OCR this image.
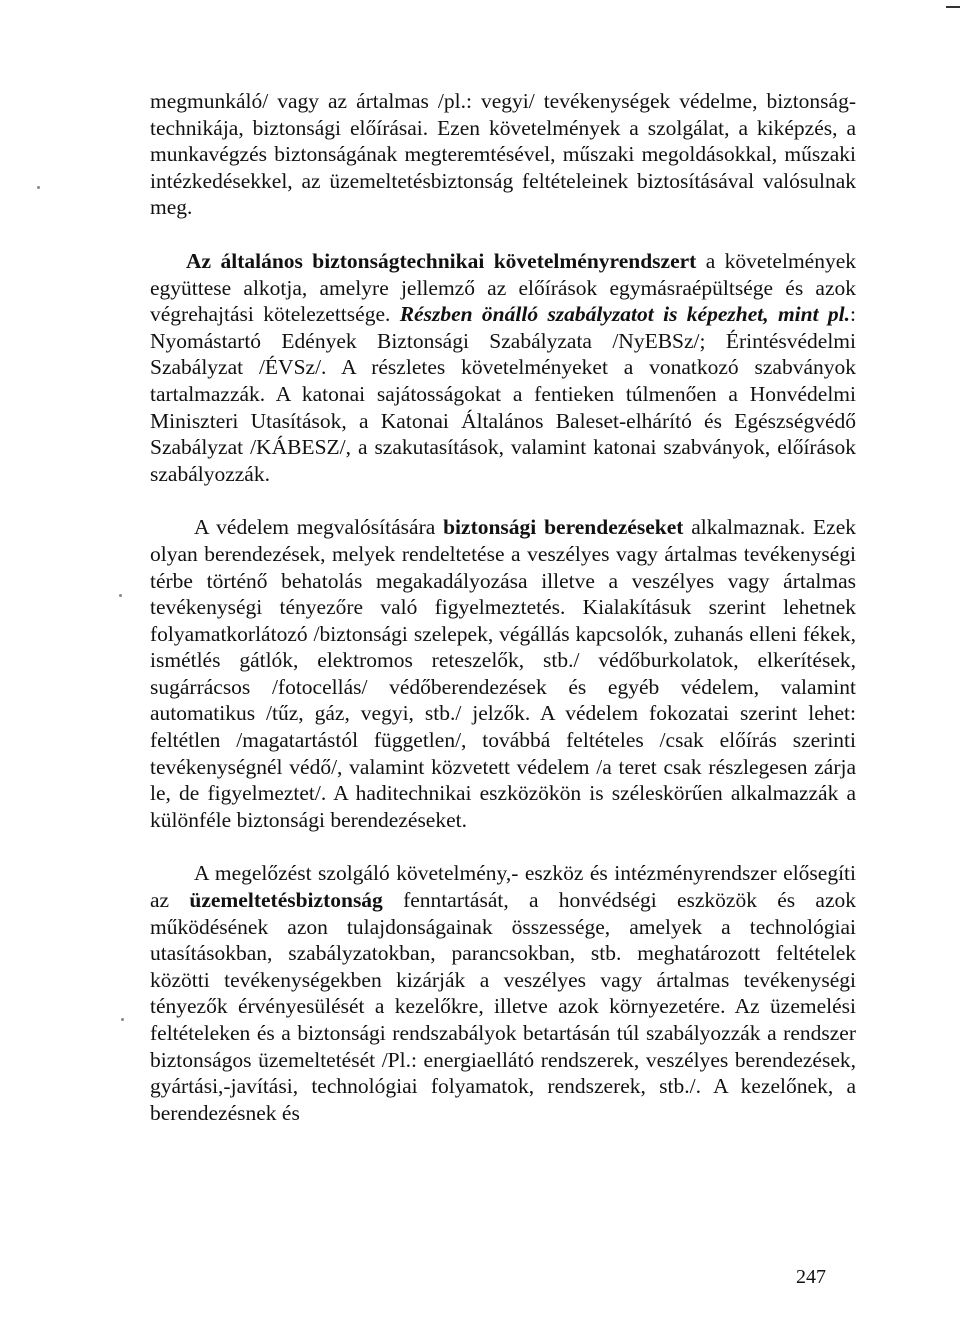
megmunkáló/ vagy az ártalmas /pl.: vegyi/ tevékenységek védelme, biztonság- technikája, biztonsági előírásai. Ezen követelmények a szolgálat, a kiképzés, a munkavégzés biztonságának megteremtésével, műszaki megoldásokkal, műszaki intézkedésekkel, az üzemeltetésbiztonság feltételeinek biztosításával valósulnak meg.

Az általános biztonságtechnikai követelményrendszert a követelmények együttese alkotja, amelyre jellemző az előírások egymásraépültsége és azok végrehajtási kötelezettsége. Részben önálló szabályzatot is képezhet, mint pl.: Nyomástartó Edények Biztonsági Szabályzata /NyEBSz/; Érintésvédelmi Szabályzat /ÉVSz/. A részletes követelményeket a vonatkozó szabványok tartalmazzák. A katonai sajátosságokat a fentieken túlmenően a Honvédelmi Miniszteri Utasítások, a Katonai Általános Baleset-elhárító és Egészségvédő Szabályzat /KÁBESZ/, a szakutasítások, valamint katonai szabványok, előírások szabályozzák.

A védelem megvalósítására biztonsági berendezéseket alkalmaznak. Ezek olyan berendezések, melyek rendeltetése a veszélyes vagy ártalmas tevékenységi térbe történő behatolás megakadályozása illetve a veszélyes vagy ártalmas tevékenységi tényezőre való figyelmeztetés. Kialakításuk szerint lehetnek folyamatkorlátozó /biztonsági szelepek, végállás kapcsolók, zuhanás elleni fékek, ismétlés gátlók, elektromos reteszelők, stb./ védőburkolatok, elkerítések, sugárrácsos /fotocellás/ védőberendezések és egyéb védelem, valamint automatikus /tűz, gáz, vegyi, stb./ jelzők. A védelem fokozatai szerint lehet: feltétlen /magatartástól független/, továbbá feltételes /csak előírás szerinti tevékenységnél védő/, valamint közvetett védelem /a teret csak részlegesen zárja le, de figyelmeztet/. A haditechnikai eszközökön is széleskörűen alkalmazzák a különféle biztonsági berendezéseket.

A megelőzést szolgáló követelmény,- eszköz és intézményrendszer elősegíti az üzemeltetésbiztonság fenntartását, a honvédségi eszközök és azok működésének azon tulajdonságainak összessége, amelyek a technológiai utasításokban, szabályzatokban, parancsokban, stb. meghatározott feltételek közötti tevékenységekben kizárják a veszélyes vagy ártalmas tevékenységi tényezők érvényesülését a kezelőkre, illetve azok környezetére. Az üzemelési feltételeken és a biztonsági rendszabályok betartásán túl szabályozzák a rendszer biztonságos üzemeltetését /Pl.: energiaellátó rendszerek, veszélyes berendezések, gyártási,-javítási, technológiai folyamatok, rendszerek, stb./. A kezelőnek, a berendezésnek és

247
